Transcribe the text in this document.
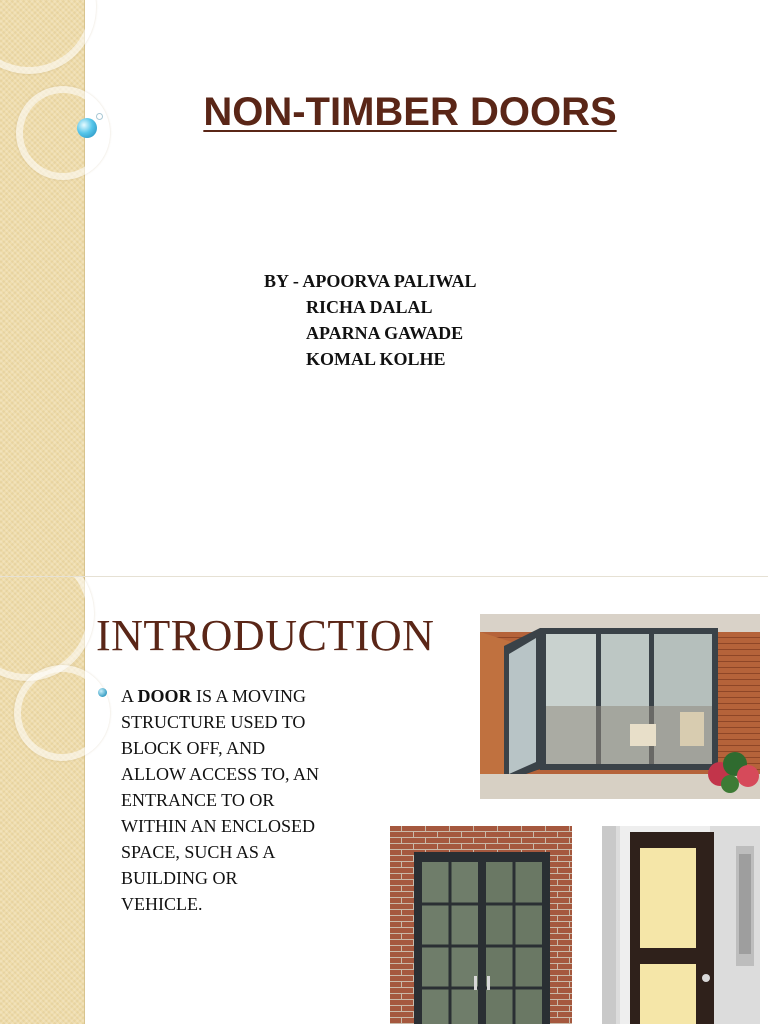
NON-TIMBER DOORS
BY - APOORVA PALIWAL
RICHA DALAL
APARNA GAWADE
KOMAL KOLHE
INTRODUCTION

A DOOR IS A MOVING STRUCTURE USED TO BLOCK OFF, AND ALLOW ACCESS TO, AN ENTRANCE TO OR WITHIN AN ENCLOSED SPACE, SUCH AS A BUILDING OR VEHICLE.
